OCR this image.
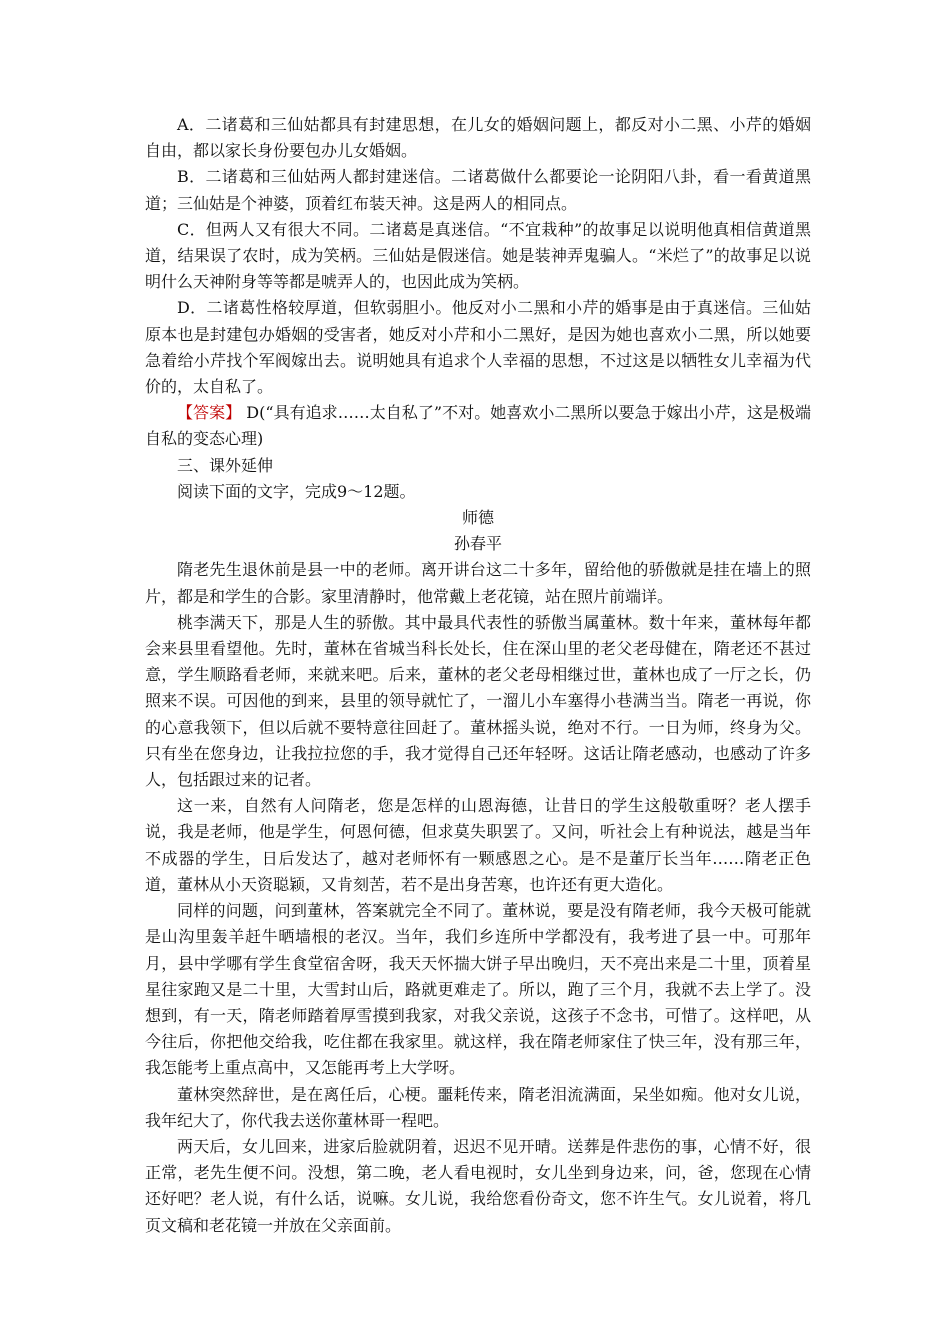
A．二诸葛和三仙姑都具有封建思想，在儿女的婚姻问题上，都反对小二黑、小芹的婚姻自由，都以家长身份要包办儿女婚姻。

B．二诸葛和三仙姑两人都封建迷信。二诸葛做什么都要论一论阴阳八卦，看一看黄道黑道；三仙姑是个神婆，顶着红布装天神。这是两人的相同点。

C．但两人又有很大不同。二诸葛是真迷信。“不宜栽种”的故事足以说明他真相信黄道黑道，结果误了农时，成为笑柄。三仙姑是假迷信。她是装神弄鬼骗人。“米烂了”的故事足以说明什么天神附身等等都是唬弄人的，也因此成为笑柄。

D．二诸葛性格较厚道，但软弱胆小。他反对小二黑和小芹的婚事是由于真迷信。三仙姑原本也是封建包办婚姻的受害者，她反对小芹和小二黑好，是因为她也喜欢小二黑，所以她要急着给小芹找个军阀嫁出去。说明她具有追求个人幸福的思想，不过这是以牺牲女儿幸福为代价的，太自私了。

【答案】 D(“具有追求……太自私了”不对。她喜欢小二黑所以要急于嫁出小芹，这是极端自私的变态心理)

三、课外延伸

阅读下面的文字，完成9～12题。

师德

孙春平

隋老先生退休前是县一中的老师。离开讲台这二十多年，留给他的骄傲就是挂在墙上的照片，都是和学生的合影。家里清静时，他常戴上老花镜，站在照片前端详。

桃李满天下，那是人生的骄傲。其中最具代表性的骄傲当属董林。数十年来，董林每年都会来县里看望他。先时，董林在省城当科长处长，住在深山里的老父老母健在，隋老还不甚过意，学生顺路看老师，来就来吧。后来，董林的老父老母相继过世，董林也成了一厅之长，仍照来不误。可因他的到来，县里的领导就忙了，一溜儿小车塞得小巷满当当。隋老一再说，你的心意我领下，但以后就不要特意往回赶了。董林摇头说，绝对不行。一日为师，终身为父。只有坐在您身边，让我拉拉您的手，我才觉得自己还年轻呀。这话让隋老感动，也感动了许多人，包括跟过来的记者。

这一来，自然有人问隋老，您是怎样的山恩海德，让昔日的学生这般敬重呀？老人摆手说，我是老师，他是学生，何恩何德，但求莫失职罢了。又问，听社会上有种说法，越是当年不成器的学生，日后发达了，越对老师怀有一颗感恩之心。是不是董厅长当年……隋老正色道，董林从小天资聪颖，又肯刻苦，若不是出身苦寒，也许还有更大造化。

同样的问题，问到董林，答案就完全不同了。董林说，要是没有隋老师，我今天极可能就是山沟里轰羊赶牛晒墙根的老汉。当年，我们乡连所中学都没有，我考进了县一中。可那年月，县中学哪有学生食堂宿舍呀，我天天怀揣大饼子早出晚归，天不亮出来是二十里，顶着星星往家跑又是二十里，大雪封山后，路就更难走了。所以，跑了三个月，我就不去上学了。没想到，有一天，隋老师踏着厚雪摸到我家，对我父亲说，这孩子不念书，可惜了。这样吧，从今往后，你把他交给我，吃住都在我家里。就这样，我在隋老师家住了快三年，没有那三年，我怎能考上重点高中，又怎能再考上大学呀。

董林突然辞世，是在离任后，心梗。噩耗传来，隋老泪流满面，呆坐如痴。他对女儿说，我年纪大了，你代我去送你董林哥一程吧。

两天后，女儿回来，进家后脸就阴着，迟迟不见开晴。送葬是件悲伤的事，心情不好，很正常，老先生便不问。没想，第二晚，老人看电视时，女儿坐到身边来，问，爸，您现在心情还好吧？老人说，有什么话，说嘛。女儿说，我给您看份奇文，您不许生气。女儿说着，将几页文稿和老花镜一并放在父亲面前。
